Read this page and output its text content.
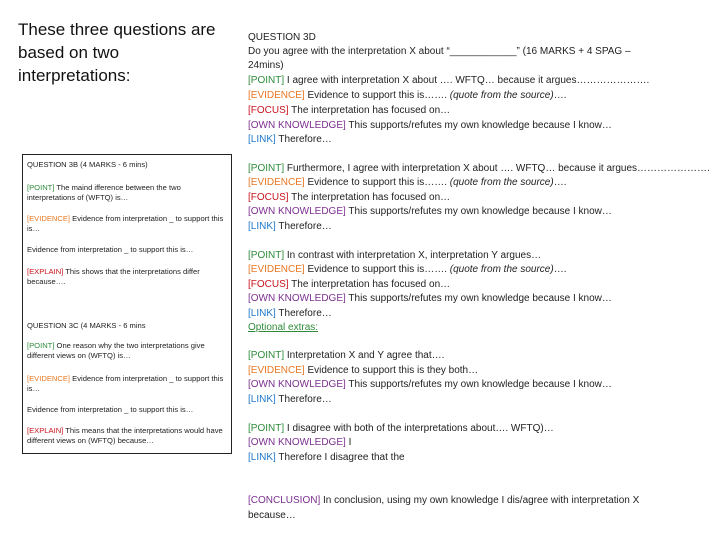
These three questions are based on two interpretations:
QUESTION 3B (4 MARKS - 6 mins)
[POINT] The maind ifference between the two interpretations of (WFTQ) is…
[EVIDENCE] Evidence from interpretation _ to support this is…
Evidence from interpretation _ to support this is…
[EXPLAIN] This shows that the interpretations differ because….
QUESTION 3C (4 MARKS - 6 mins
[POINT] One reason why the two interpretations give different views on (WFTQ) is…
[EVIDENCE] Evidence from interpretation _ to support this is…
Evidence from interpretation _ to support this is…
[EXPLAIN] This means that the interpretations would have different views on (WFTQ) because…
QUESTION 3D
Do you agree with the interpretation X about “____________” (16 MARKS + 4 SPAG –
24mins)
[POINT] I agree with interpretation X about …. WFTQ… because it argues………………….
[EVIDENCE] Evidence to support this is……. (quote from the source)….
[FOCUS] The interpretation has focused on…
[OWN KNOWLEDGE] This supports/refutes my own knowledge because I know…
[LINK] Therefore…
[POINT] Furthermore, I agree with interpretation X about …. WFTQ… because it argues………………….
[EVIDENCE] Evidence to support this is……. (quote from the source)….
[FOCUS] The interpretation has focused on…
[OWN KNOWLEDGE] This supports/refutes my own knowledge because I know…
[LINK] Therefore…
[POINT] In contrast with interpretation X, interpretation Y argues…
[EVIDENCE] Evidence to support this is……. (quote from the source)….
[FOCUS] The interpretation has focused on…
[OWN KNOWLEDGE] This supports/refutes my own knowledge because I know…
[LINK] Therefore…
Optional extras:
[POINT] Interpretation X and Y agree that….
[EVIDENCE] Evidence to support this is they both…
[OWN KNOWLEDGE] This supports/refutes my own knowledge because I know…
[LINK] Therefore…
[POINT] I disagree with both of the interpretations about…. WFTQ)…
[OWN KNOWLEDGE] I
[LINK] Therefore I disagree that the
[CONCLUSION] In conclusion, using my own knowledge I dis/agree with interpretation X because…
